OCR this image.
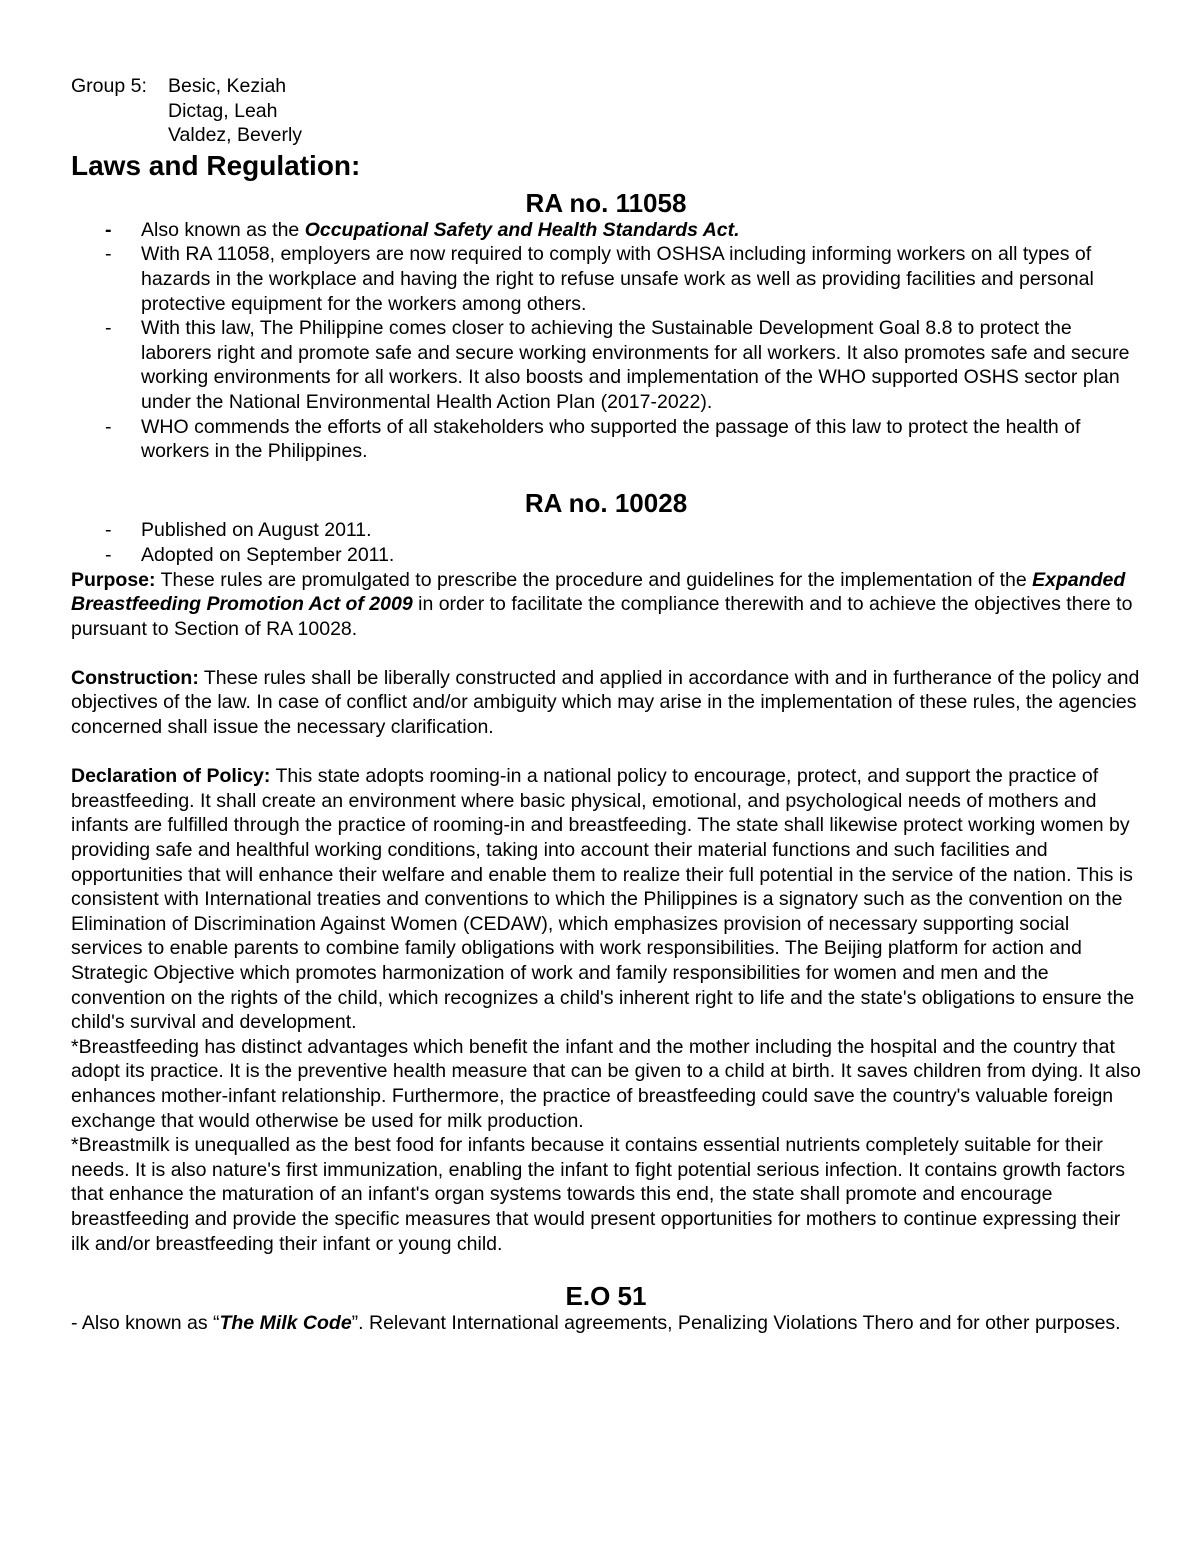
Group 5:	Besic, Keziah
Dictag, Leah
Valdez, Beverly
Laws and Regulation:
RA no. 11058
- Also known as the Occupational Safety and Health Standards Act.
- With RA 11058, employers are now required to comply with OSHSA including informing workers on all types of hazards in the workplace and having the right to refuse unsafe work as well as providing facilities and personal protective equipment for the workers among others.
- With this law, The Philippine comes closer to achieving the Sustainable Development Goal 8.8 to protect the laborers right and promote safe and secure working environments for all workers. It also promotes safe and secure working environments for all workers. It also boosts and implementation of the WHO supported OSHS sector plan under the National Environmental Health Action Plan (2017-2022).
- WHO commends the efforts of all stakeholders who supported the passage of this law to protect the health of workers in the Philippines.
RA no. 10028
- Published on August 2011.
- Adopted on September 2011.

Purpose: These rules are promulgated to prescribe the procedure and guidelines for the implementation of the Expanded Breastfeeding Promotion Act of 2009 in order to facilitate the compliance therewith and to achieve the objectives there to pursuant to Section of RA 10028.

Construction: These rules shall be liberally constructed and applied in accordance with and in furtherance of the policy and objectives of the law. In case of conflict and/or ambiguity which may arise in the implementation of these rules, the agencies concerned shall issue the necessary clarification.

Declaration of Policy: This state adopts rooming-in a national policy to encourage, protect, and support the practice of breastfeeding. It shall create an environment where basic physical, emotional, and psychological needs of mothers and infants are fulfilled through the practice of rooming-in and breastfeeding. The state shall likewise protect working women by providing safe and healthful working conditions, taking into account their material functions and such facilities and opportunities that will enhance their welfare and enable them to realize their full potential in the service of the nation. This is consistent with International treaties and conventions to which the Philippines is a signatory such as the convention on the Elimination of Discrimination Against Women (CEDAW), which emphasizes provision of necessary supporting social services to enable parents to combine family obligations with work responsibilities. The Beijing platform for action and Strategic Objective which promotes harmonization of work and family responsibilities for women and men and the convention on the rights of the child, which recognizes a child's inherent right to life and the state's obligations to ensure the child's survival and development.

*Breastfeeding has distinct advantages which benefit the infant and the mother including the hospital and the country that adopt its practice. It is the preventive health measure that can be given to a child at birth. It saves children from dying. It also enhances mother-infant relationship. Furthermore, the practice of breastfeeding could save the country's valuable foreign exchange that would otherwise be used for milk production.

*Breastmilk is unequalled as the best food for infants because it contains essential nutrients completely suitable for their needs. It is also nature's first immunization, enabling the infant to fight potential serious infection. It contains growth factors that enhance the maturation of an infant's organ systems towards this end, the state shall promote and encourage breastfeeding and provide the specific measures that would present opportunities for mothers to continue expressing their ilk and/or breastfeeding their infant or young child.

E.O 51

- Also known as “The Milk Code”. Relevant International agreements, Penalizing Violations Thero and for other purposes.
